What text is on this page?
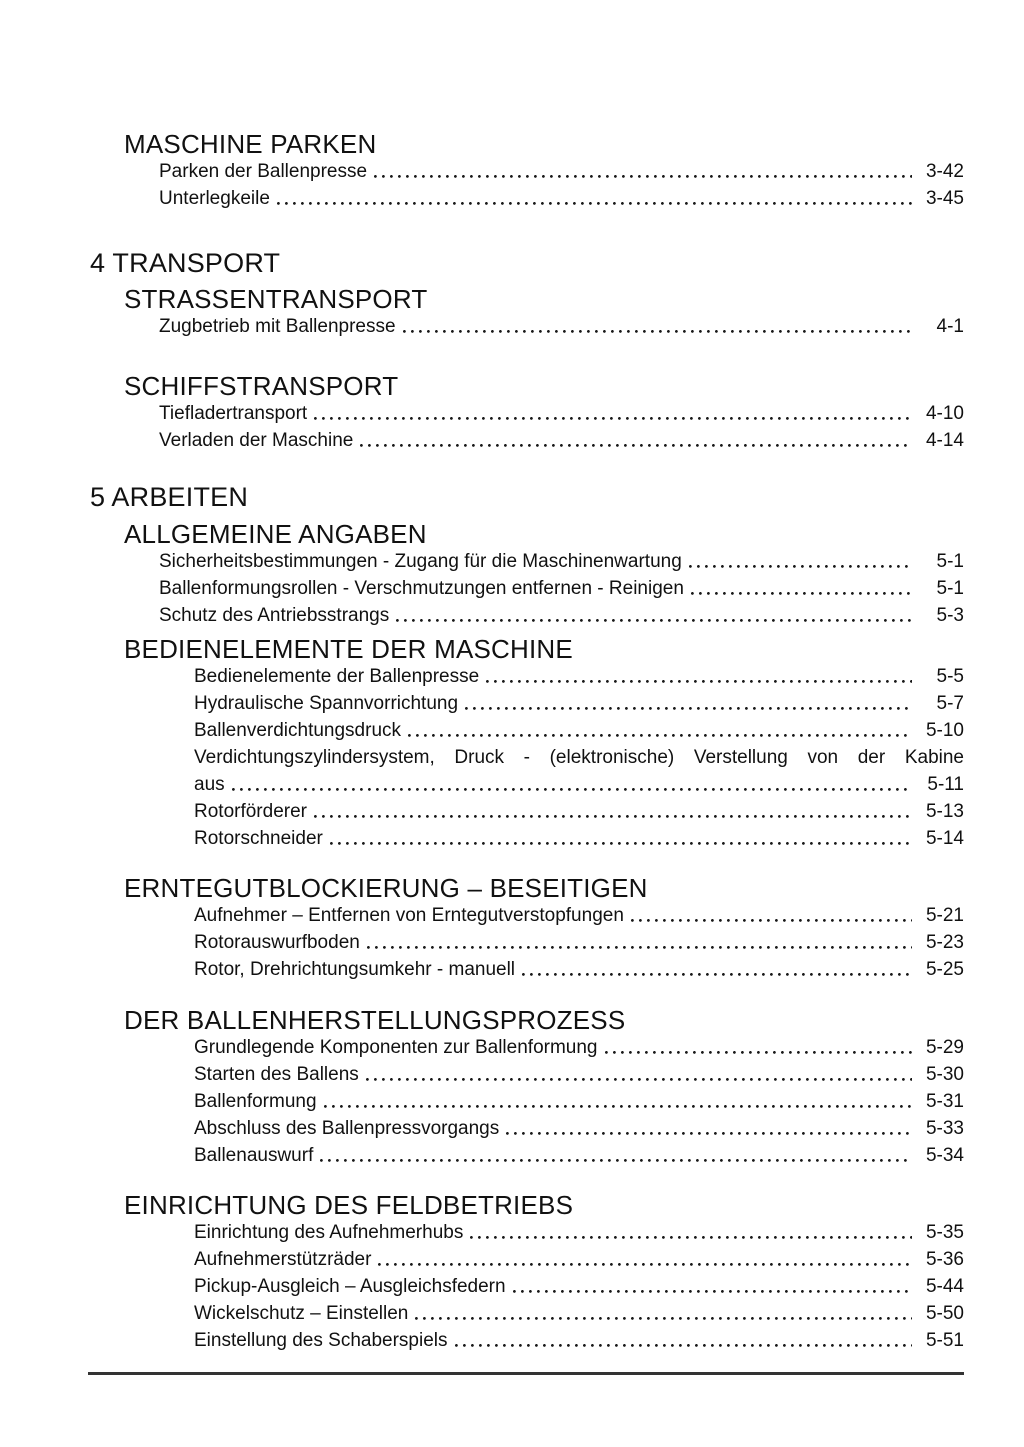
MASCHINE PARKEN
Parken der Ballenpresse	3-42
Unterlegkeile	3-45
4 TRANSPORT
STRASSENTRANSPORT
Zugbetrieb mit Ballenpresse	4-1
SCHIFFSTRANSPORT
Tiefladertransport	4-10
Verladen der Maschine	4-14
5 ARBEITEN
ALLGEMEINE ANGABEN
Sicherheitsbestimmungen - Zugang für die Maschinenwartung	5-1
Ballenformungsrollen - Verschmutzungen entfernen - Reinigen	5-1
Schutz des Antriebsstrangs	5-3
BEDIENELEMENTE DER MASCHINE
Bedienelemente der Ballenpresse	5-5
Hydraulische Spannvorrichtung	5-7
Ballenverdichtungsdruck	5-10
Verdichtungszylindersystem, Druck - (elektronische) Verstellung von der Kabine
aus	5-11
Rotorförderer	5-13
Rotorschneider	5-14
ERNTEGUTBLOCKIERUNG – BESEITIGEN
Aufnehmer – Entfernen von Erntegutverstopfungen	5-21
Rotorauswurfboden	5-23
Rotor, Drehrichtungsumkehr - manuell	5-25
DER BALLENHERSTELLUNGSPROZESS
Grundlegende Komponenten zur Ballenformung	5-29
Starten des Ballens	5-30
Ballenformung	5-31
Abschluss des Ballenpressvorgangs	5-33
Ballenauswurf	5-34
EINRICHTUNG DES FELDBETRIEBS
Einrichtung des Aufnehmerhubs	5-35
Aufnehmerstützräder	5-36
Pickup-Ausgleich – Ausgleichsfedern	5-44
Wickelschutz – Einstellen	5-50
Einstellung des Schaberspiels	5-51
